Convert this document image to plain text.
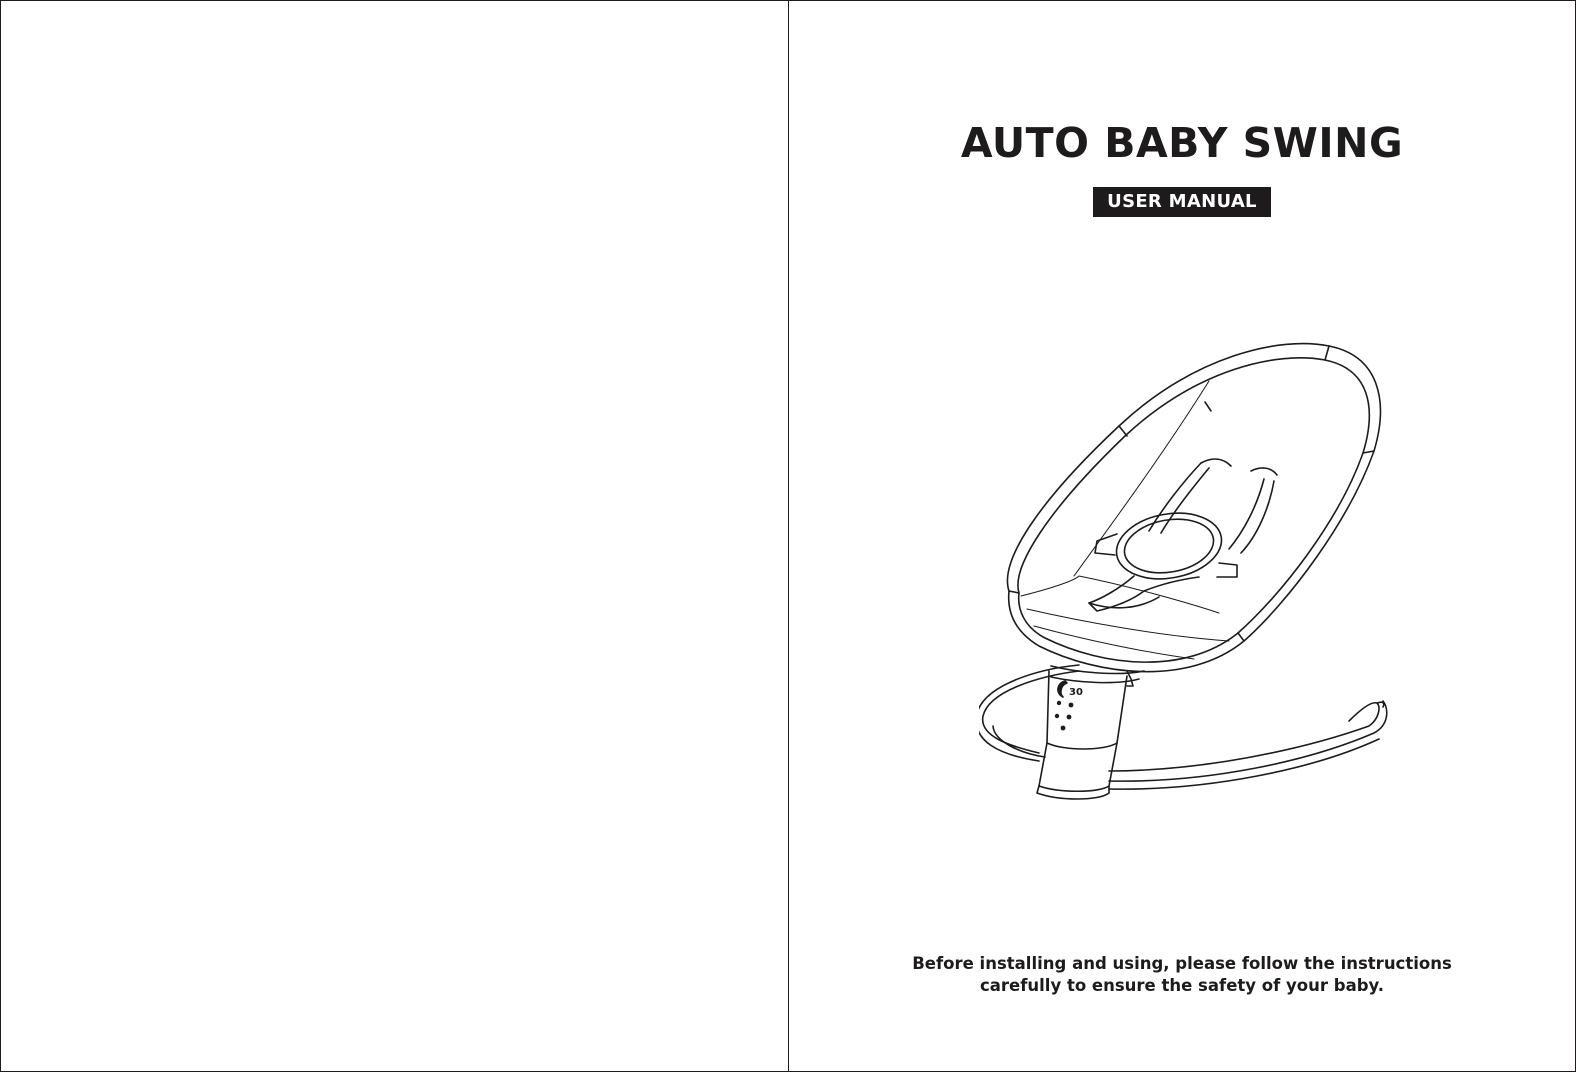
AUTO BABY SWING
USER MANUAL
30

Before installing and using, please follow the instructions
carefully to ensure the safety of your baby.
